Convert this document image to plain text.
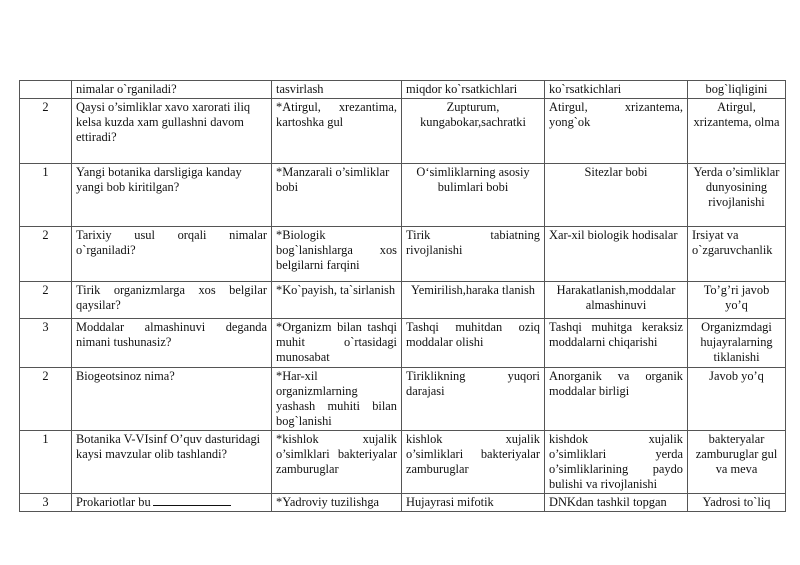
	nimalar o`rganiladi?	tasvirlash	miqdor ko`rsatkichlari	ko`rsatkichlari	bog`liqligini
2	Qaysi o’simliklar xavo xarorati iliq kelsa kuzda xam gullashni davom ettiradi?	*Atirgul, xrezantima, kartoshka gul	Zupturum, kungabokar,sachratki	Atirgul, xrizantema, yong`ok	Atirgul, xrizantema, olma
1	Yangi botanika darsligiga kanday yangi bob kiritilgan?	*Manzarali o’simliklar bobi	O‘simliklarning asosiy bulimlari bobi	Sitezlar bobi	Yerda o’simliklar dunyosining rivojlanishi
2	Tarixiy usul orqali nimalar o`rganiladi?	*Biologik bog`lanishlarga xos belgilarni farqini	Tirik tabiatning rivojlanishi	Xar-xil biologik hodisalar	Irsiyat va o`zgaruvchanlik
2	Tirik organizmlarga xos belgilar qaysilar?	*Ko`payish, ta`sirlanish	Yemirilish,haraka tlanish	Harakatlanish,moddalar almashinuvi	To’g’ri javob yo’q
3	Moddalar almashinuvi deganda nimani tushunasiz?	*Organizm bilan tashqi muhit o`rtasidagi munosabat	Tashqi muhitdan oziq moddalar olishi	Tashqi muhitga keraksiz moddalarni chiqarishi	Organizmdagi hujayralarning tiklanishi
2	Biogeotsinoz nima?	*Har-xil organizmlarning yashash muhiti bilan bog`lanishi	Tiriklikning yuqori darajasi	Anorganik va organik moddalar birligi	Javob yo’q
1	Botanika V-VIsinf O’quv dasturidagi kaysi mavzular olib tashlandi?	*kishlok xujalik o’simlklari baktеriyalar zamburuglar	kishlok xujalik o’simliklari baktеriyalar zamburuglar	kishdok xujalik o’simliklari yerda o’simliklarining paydo bulishi va rivojlanishi	baktеryalar zamburuglar gul va meva
3	Prokariotlar bu	*Yadroviy tuzilishga	Hujayrasi mifotik	DNKdan tashkil topgan	Yadrosi to`liq
